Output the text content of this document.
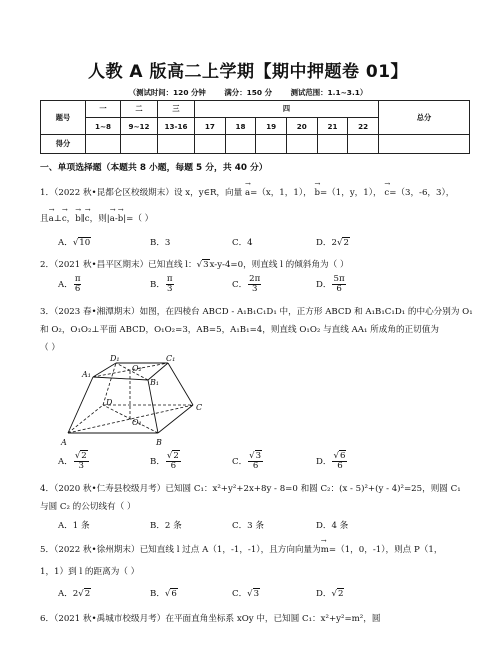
人教 A 版高二上学期【期中押题卷 01】
（测试时间：120 分钟	满分：150 分	测试范围：1.1~3.1）
题号	一	二	三	四						总分
	1~8	9~12	13-16	17	18	19	20	21	22	
得分										
一、单项选择题（本题共 8 小题，每题 5 分，共 40 分）
1．（2022 秋•昆都仑区校级期末）设 x，y∈R，向量 → a=（x，1，1）， → b=（1，y，1）， → c=（3，-6，3），
且→ a⊥→ c，→ b∥→ c，则|→ a-→ b|=（ ）
A．√10	B．3	C．4	D．2√2
2．（2021 秋•昌平区期末）已知直线 l：√3x-y-4=0，则直线 l 的倾斜角为（ ）
A． $\frac{\pi}{6}$	B． $\frac{\pi}{3}$	C． $\frac{2\pi}{3}$	D． $\frac{5\pi}{6}$
3．（2023 春•湘潭期末）如图，在四棱台 ABCD - A₁B₁C₁D₁ 中，正方形 ABCD 和 A₁B₁C₁D₁ 的中心分别为 O₁
和 O₂，O₁O₂⊥平面 ABCD，O₁O₂=3，AB=5，A₁B₁=4，则直线 O₁O₂ 与直线 AA₁ 所成角的正切值为
（ ）
D₁	C₁
A₁
O₂
B₁
D
C
O₁
A	B
A． $\frac{√2}{3}$	B． $\frac{√2}{6}$	C． $\frac{√3}{6}$	D． $\frac{√6}{6}$
4．（2020 秋•仁寿县校级月考）已知圆 C₁：x²+y²+2x+8y - 8=0 和圆 C₂：(x - 5)²+(y - 4)²=25，则圆 C₁
与圆 C₂ 的公切线有（ ）
A．1 条	B．2 条	C．3 条	D．4 条
5．（2022 秋•徐州期末）已知直线 l 过点 A（1，-1，-1），且方向向量为→ m=（1，0，-1），则点 P（1，
1，1）到 l 的距离为（ ）
A．2√2	B．√6	C．√3	D．√2
6．（2021 秋•禹城市校级月考）在平面直角坐标系 xOy 中，已知圆 C₁：x²+y²=m²，圆
